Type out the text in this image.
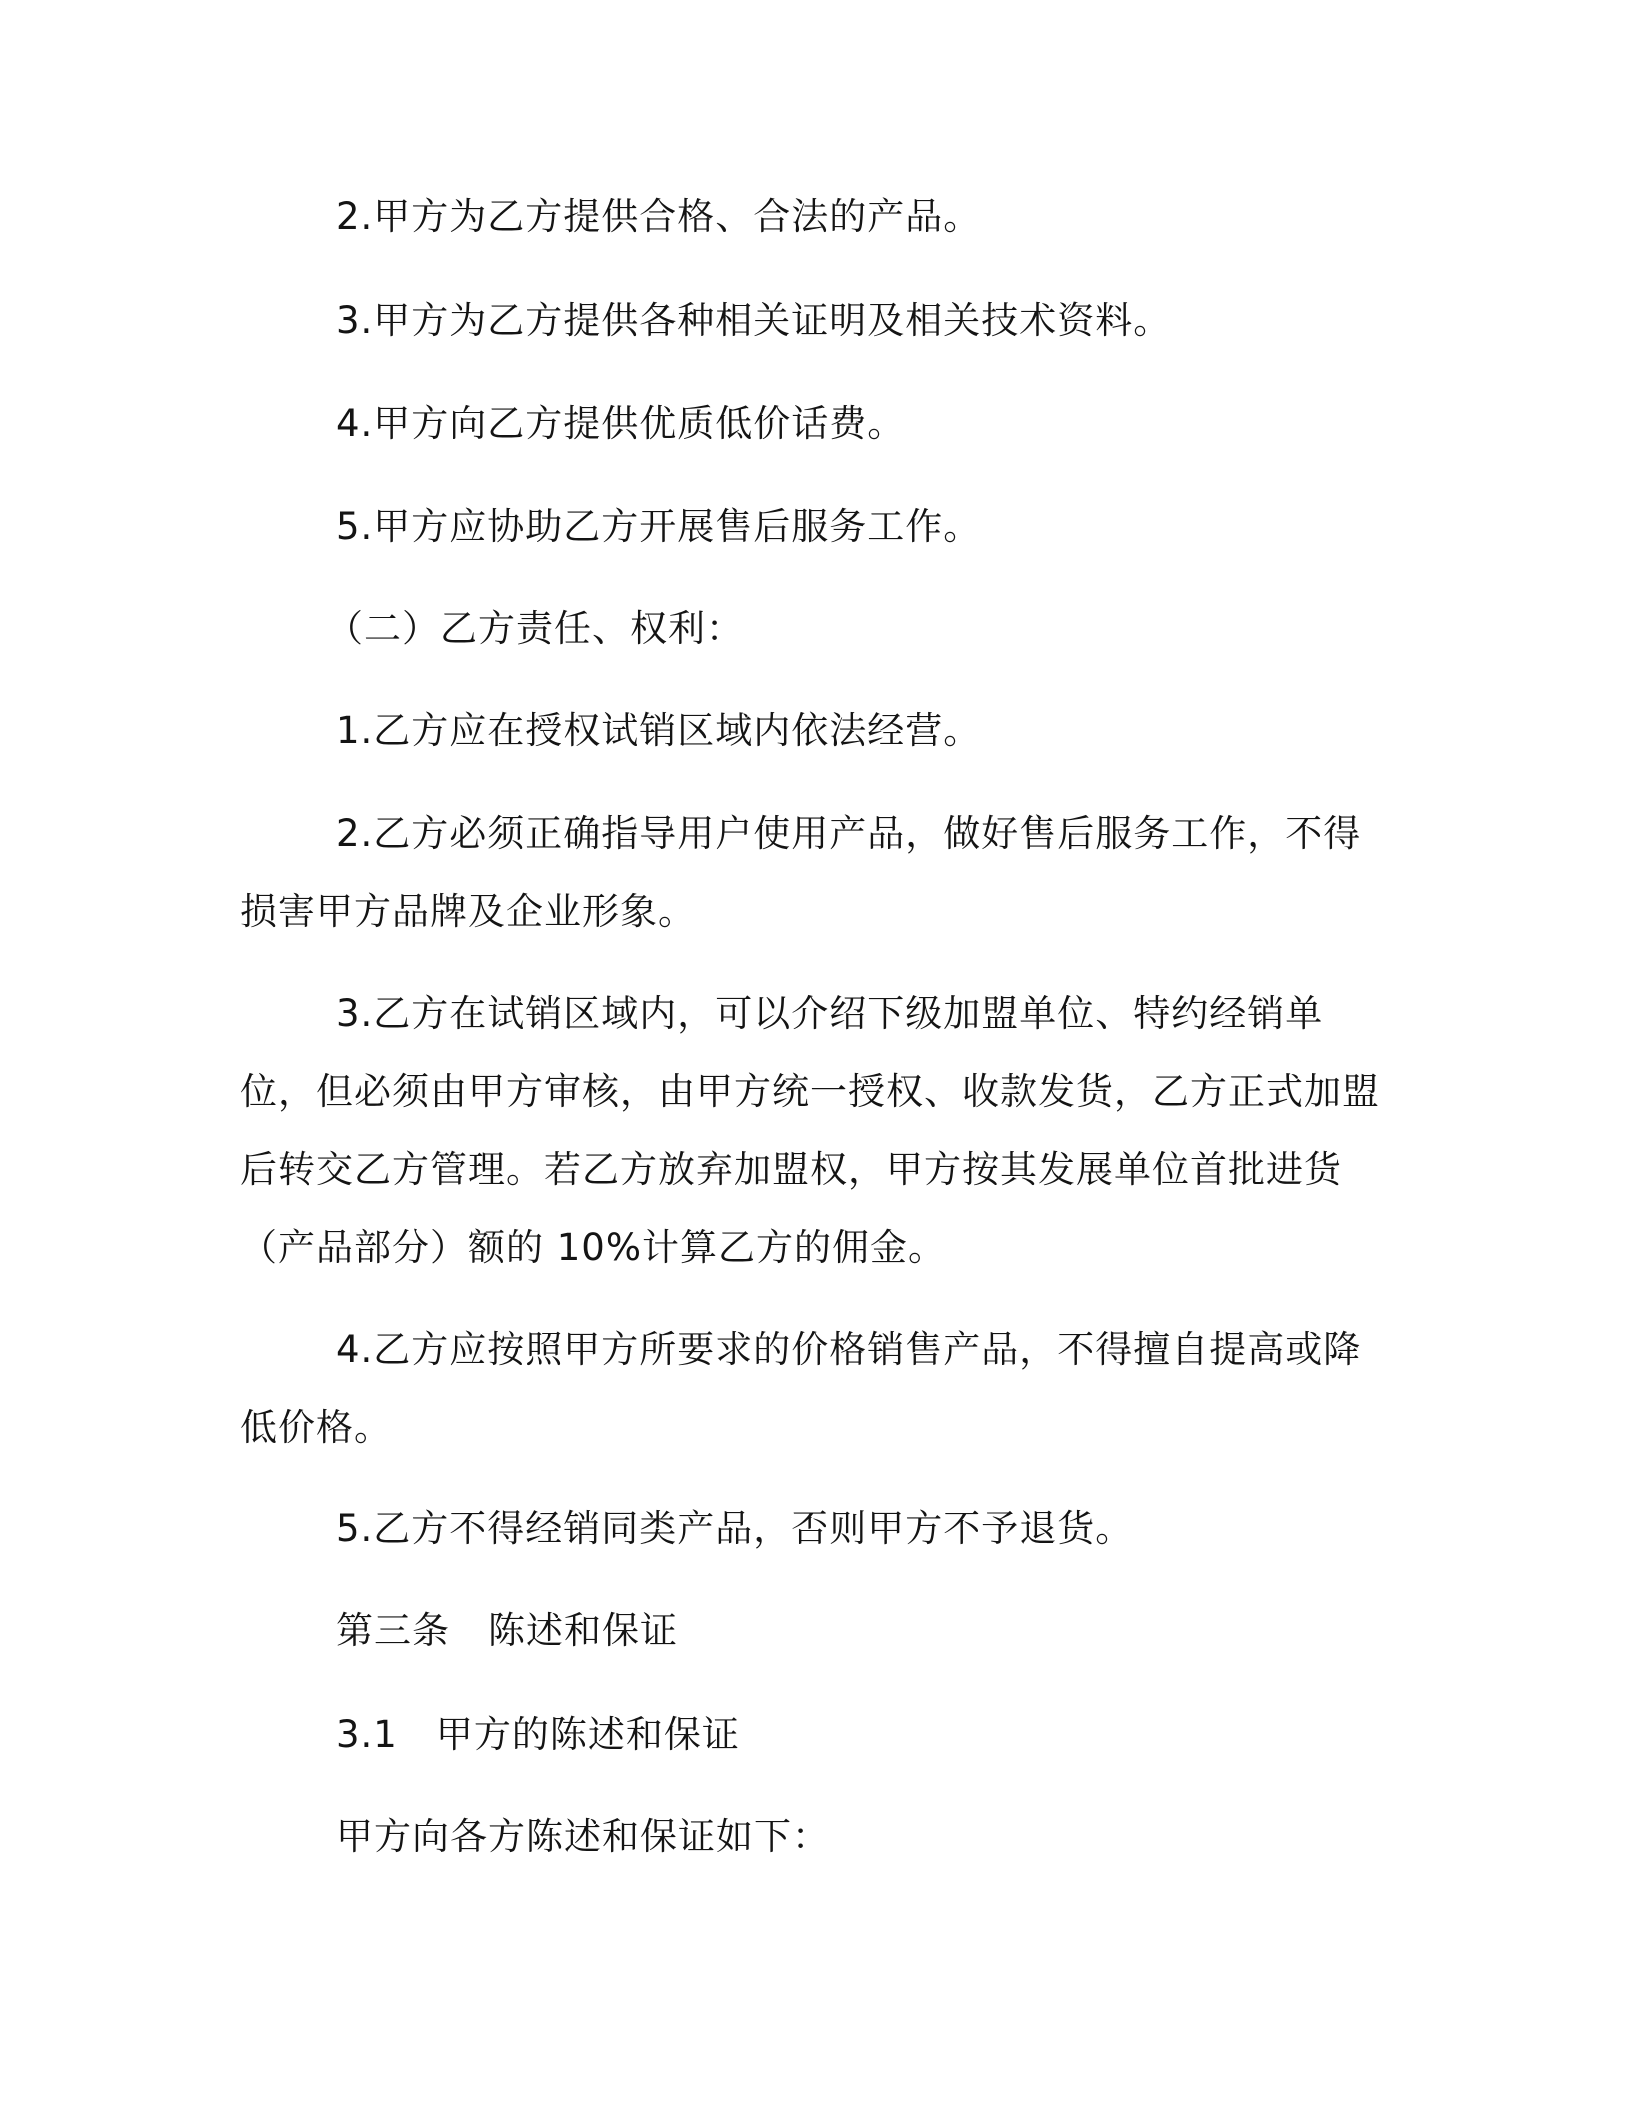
2.甲方为乙方提供合格、合法的产品。

3.甲方为乙方提供各种相关证明及相关技术资料。

4.甲方向乙方提供优质低价话费。

5.甲方应协助乙方开展售后服务工作。

（二）乙方责任、权利：

1.乙方应在授权试销区域内依法经营。

2.乙方必须正确指导用户使用产品，做好售后服务工作，不得损害甲方品牌及企业形象。

3.乙方在试销区域内，可以介绍下级加盟单位、特约经销单位，但必须由甲方审核，由甲方统一授权、收款发货，乙方正式加盟后转交乙方管理。若乙方放弃加盟权，甲方按其发展单位首批进货（产品部分）额的 10%计算乙方的佣金。

4.乙方应按照甲方所要求的价格销售产品，不得擅自提高或降低价格。

5.乙方不得经销同类产品，否则甲方不予退货。

第三条　陈述和保证

3.1　甲方的陈述和保证

甲方向各方陈述和保证如下：
